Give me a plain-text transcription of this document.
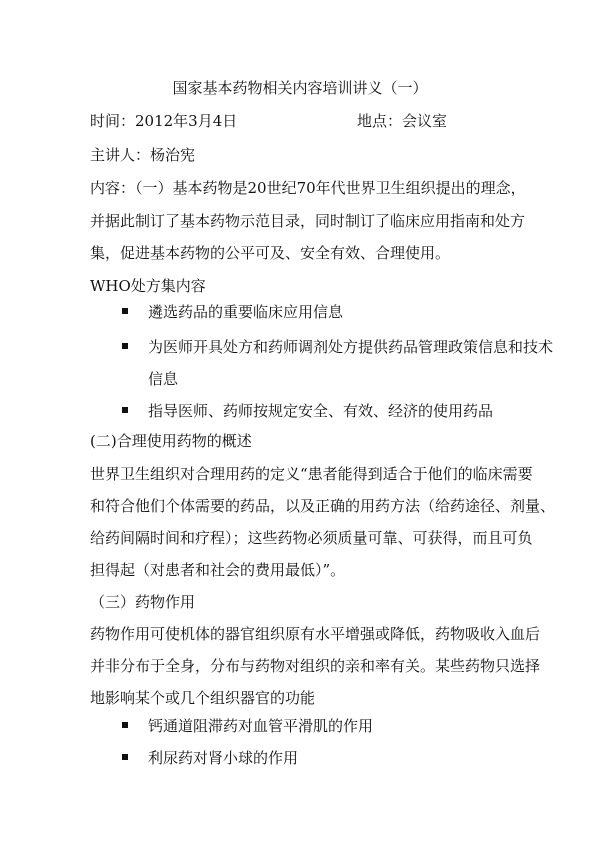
国家基本药物相关内容培训讲义（一）
时间：2012年3月4日	地点：会议室
主讲人：杨治宪
内容：（一）基本药物是20世纪70年代世界卫生组织提出的理念，
并据此制订了基本药物示范目录，同时制订了临床应用指南和处方
集，促进基本药物的公平可及、安全有效、合理使用。
WHO处方集内容
遴选药品的重要临床应用信息
为医师开具处方和药师调剂处方提供药品管理政策信息和技术
信息
指导医师、药师按规定安全、有效、经济的使用药品
(二)合理使用药物的概述
世界卫生组织对合理用药的定义“患者能得到适合于他们的临床需要
和符合他们个体需要的药品，以及正确的用药方法（给药途径、剂量、
给药间隔时间和疗程）；这些药物必须质量可靠、可获得，而且可负
担得起（对患者和社会的费用最低）”。
（三）药物作用
药物作用可使机体的器官组织原有水平增强或降低，药物吸收入血后
并非分布于全身，分布与药物对组织的亲和率有关。某些药物只选择
地影响某个或几个组织器官的功能
钙通道阻滞药对血管平滑肌的作用
利尿药对肾小球的作用
